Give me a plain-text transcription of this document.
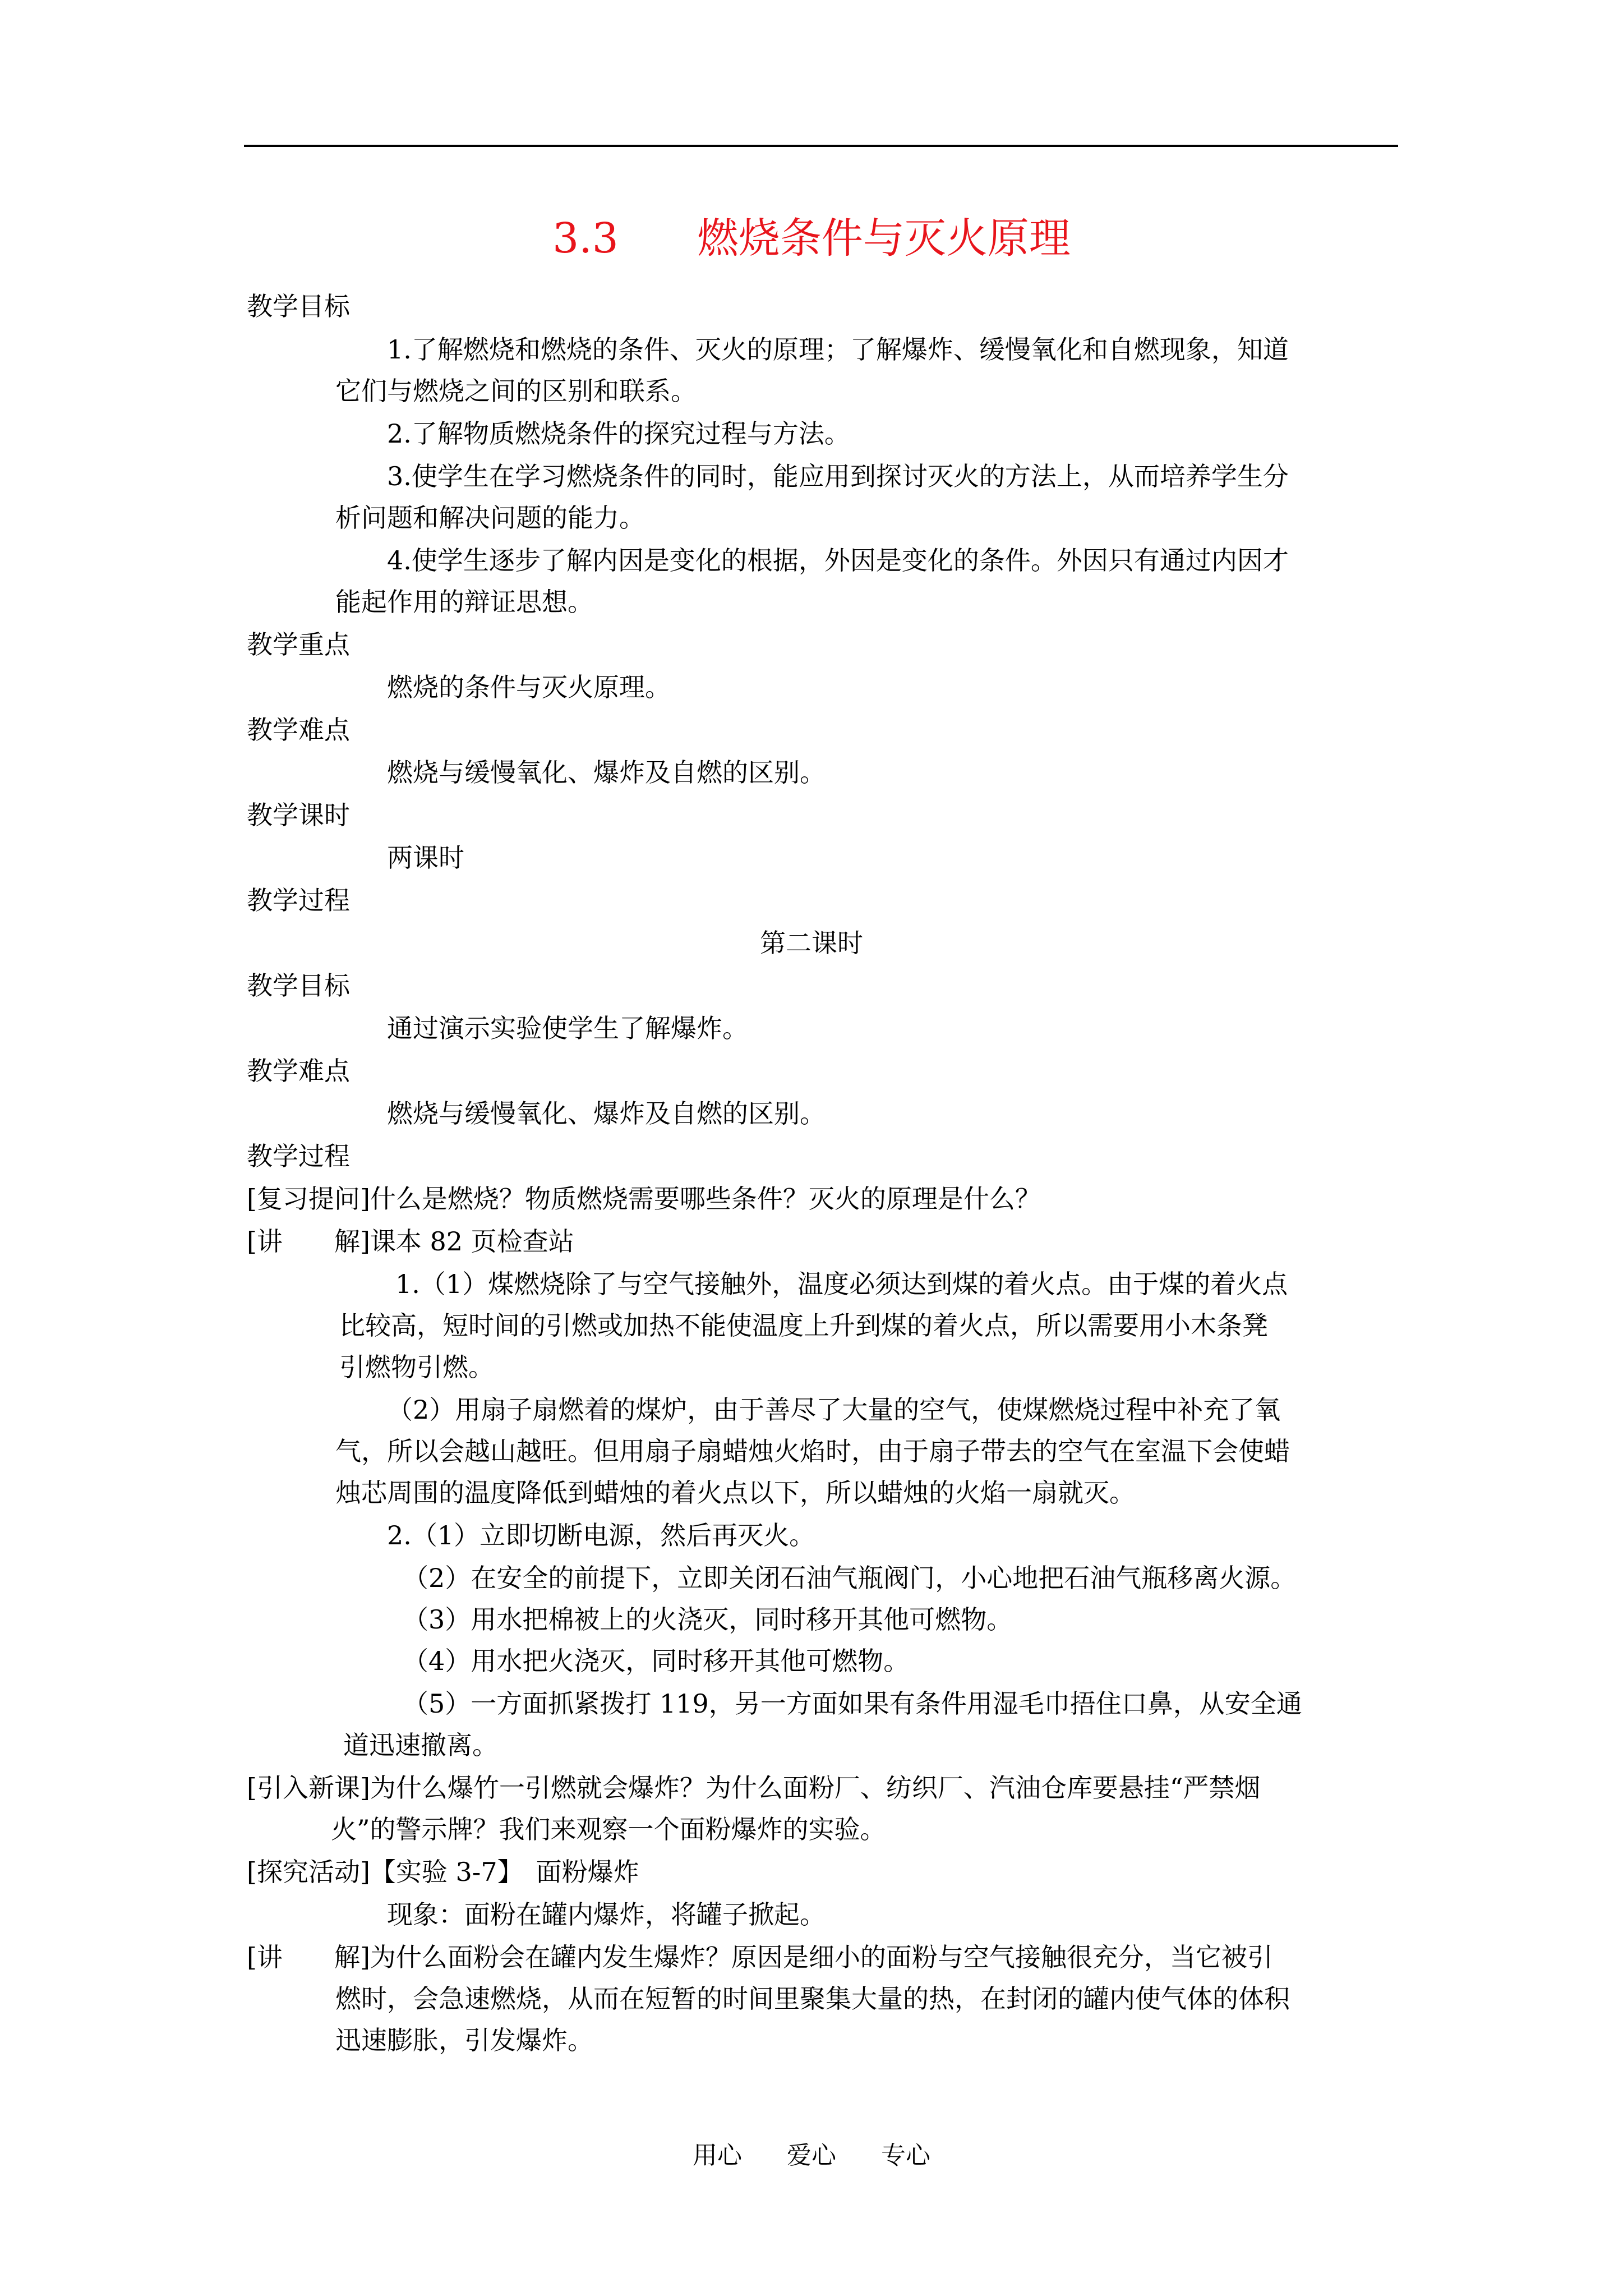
3.3 燃烧条件与灭火原理
教学目标
1.了解燃烧和燃烧的条件、灭火的原理；了解爆炸、缓慢氧化和自燃现象，知道
它们与燃烧之间的区别和联系。
2.了解物质燃烧条件的探究过程与方法。
3.使学生在学习燃烧条件的同时，能应用到探讨灭火的方法上，从而培养学生分
析问题和解决问题的能力。
4.使学生逐步了解内因是变化的根据，外因是变化的条件。外因只有通过内因才
能起作用的辩证思想。
教学重点
燃烧的条件与灭火原理。
教学难点
燃烧与缓慢氧化、爆炸及自燃的区别。
教学课时
两课时
教学过程
第二课时
教学目标
通过演示实验使学生了解爆炸。
教学难点
燃烧与缓慢氧化、爆炸及自燃的区别。
教学过程
[复习提问]什么是燃烧？物质燃烧需要哪些条件？灭火的原理是什么？
[讲　　解]课本 82 页检查站
1.（1）煤燃烧除了与空气接触外，温度必须达到煤的着火点。由于煤的着火点
比较高，短时间的引燃或加热不能使温度上升到煤的着火点，所以需要用小木条凳
引燃物引燃。
（2）用扇子扇燃着的煤炉，由于善尽了大量的空气，使煤燃烧过程中补充了氧
气，所以会越山越旺。但用扇子扇蜡烛火焰时，由于扇子带去的空气在室温下会使蜡
烛芯周围的温度降低到蜡烛的着火点以下，所以蜡烛的火焰一扇就灭。
2.（1）立即切断电源，然后再灭火。
（2）在安全的前提下，立即关闭石油气瓶阀门，小心地把石油气瓶移离火源。
（3）用水把棉被上的火浇灭，同时移开其他可燃物。
（4）用水把火浇灭，同时移开其他可燃物。
（5）一方面抓紧拨打 119，另一方面如果有条件用湿毛巾捂住口鼻，从安全通
道迅速撤离。
[引入新课]为什么爆竹一引燃就会爆炸？为什么面粉厂、纺织厂、汽油仓库要悬挂“严禁烟
火”的警示牌？我们来观察一个面粉爆炸的实验。
[探究活动]【实验 3-7】　面粉爆炸
现象：面粉在罐内爆炸，将罐子掀起。
[讲　　解]为什么面粉会在罐内发生爆炸？原因是细小的面粉与空气接触很充分，当它被引
燃时，会急速燃烧，从而在短暂的时间里聚集大量的热，在封闭的罐内使气体的体积
迅速膨胀，引发爆炸。
用心 爱心 专心
